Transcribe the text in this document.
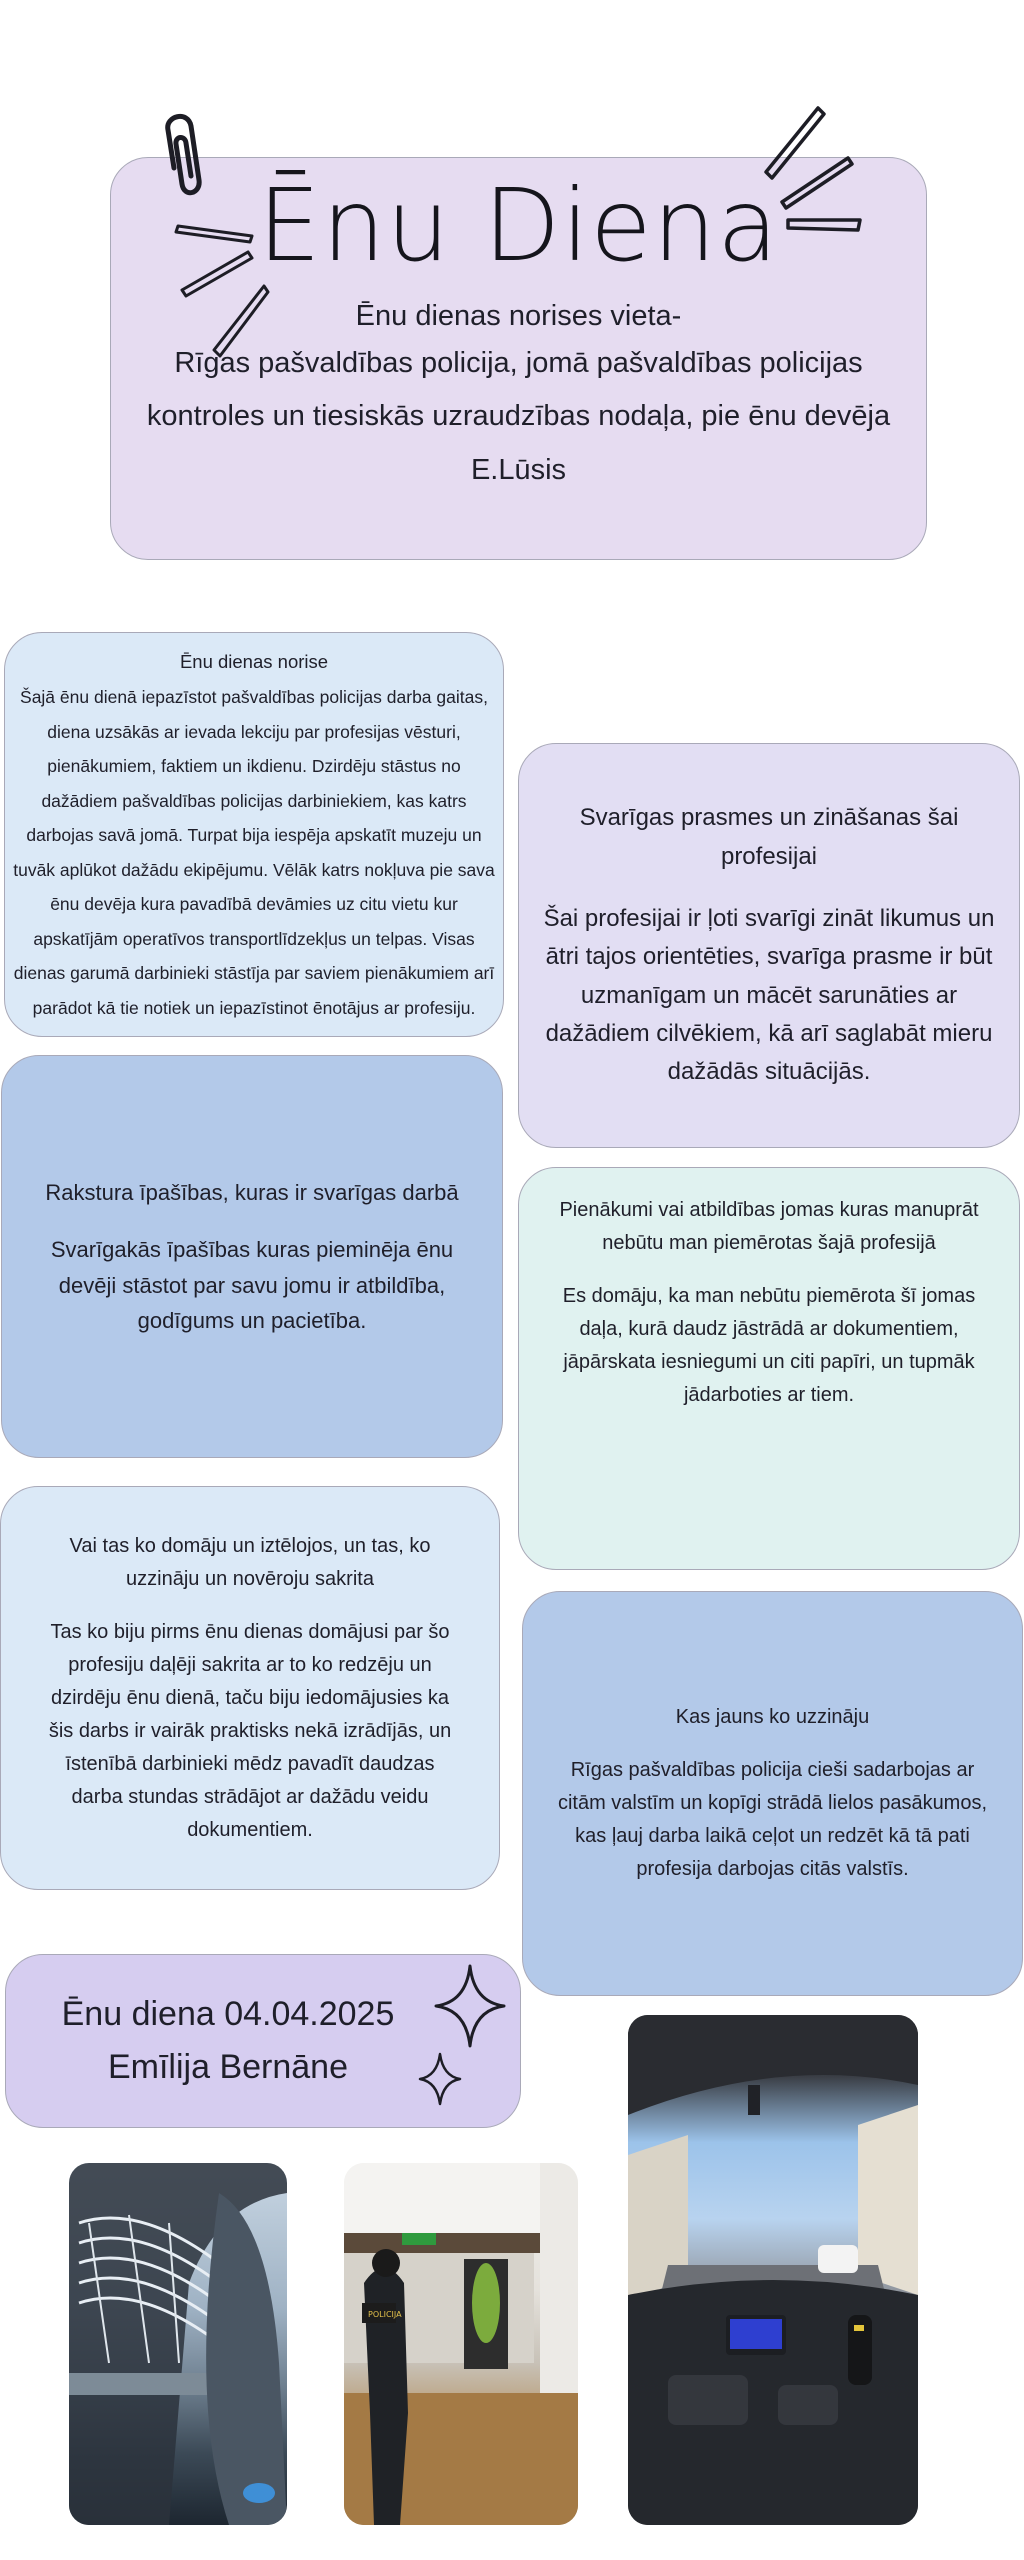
Ēnu Diena
Ēnu dienas norises vieta-
Rīgas pašvaldības policija, jomā pašvaldības policijas kontroles un tiesiskās uzraudzības nodaļa, pie ēnu devēja E.Lūsis

Ēnu dienas norise

Šajā ēnu dienā iepazīstot pašvaldības policijas darba gaitas, diena uzsākās ar ievada lekciju par profesijas vēsturi, pienākumiem, faktiem un ikdienu. Dzirdēju stāstus no dažādiem pašvaldības policijas darbiniekiem, kas katrs darbojas savā jomā. Turpat bija iespēja apskatīt muzeju un tuvāk aplūkot dažādu ekipējumu. Vēlāk katrs nokļuva pie sava ēnu devēja kura pavadībā devāmies uz citu vietu kur apskatījām operatīvos transportlīdzekļus un telpas. Visas dienas garumā darbinieki stāstīja par saviem pienākumiem arī parādot kā tie notiek un iepazīstinot ēnotājus ar profesiju.

Svarīgas prasmes un zināšanas šai profesijai

Šai profesijai ir ļoti svarīgi zināt likumus un ātri tajos orientēties, svarīga prasme ir būt uzmanīgam un mācēt sarunāties ar dažādiem cilvēkiem, kā arī saglabāt mieru dažādās situācijās.

Rakstura īpašības, kuras ir svarīgas darbā

Svarīgakās īpašības kuras pieminēja ēnu devēji stāstot par savu jomu ir atbildība, godīgums un pacietība.

Pienākumi vai atbildības jomas kuras manuprāt nebūtu man piemērotas šajā profesijā

Es domāju, ka man nebūtu piemērota šī jomas daļa, kurā daudz jāstrādā ar dokumentiem, jāpārskata iesniegumi un citi papīri, un tupmāk jādarboties ar tiem.

Vai tas ko domāju un iztēlojos, un tas, ko uzzināju un novēroju sakrita

Tas ko biju pirms ēnu dienas domājusi par šo profesiju daļēji sakrita ar to ko redzēju un dzirdēju ēnu dienā, taču biju iedomājusies ka šis darbs ir vairāk praktisks nekā izrādījās, un īstenībā darbinieki mēdz pavadīt daudzas darba stundas strādājot ar dažādu veidu dokumentiem.

Kas jauns ko uzzināju

Rīgas pašvaldības policija cieši sadarbojas ar citām valstīm un kopīgi strādā lielos pasākumos, kas ļauj darba laikā ceļot un redzēt kā tā pati profesija darbojas citās valstīs.

Ēnu diena 04.04.2025

Emīlija Bernāne

POLICIJA
